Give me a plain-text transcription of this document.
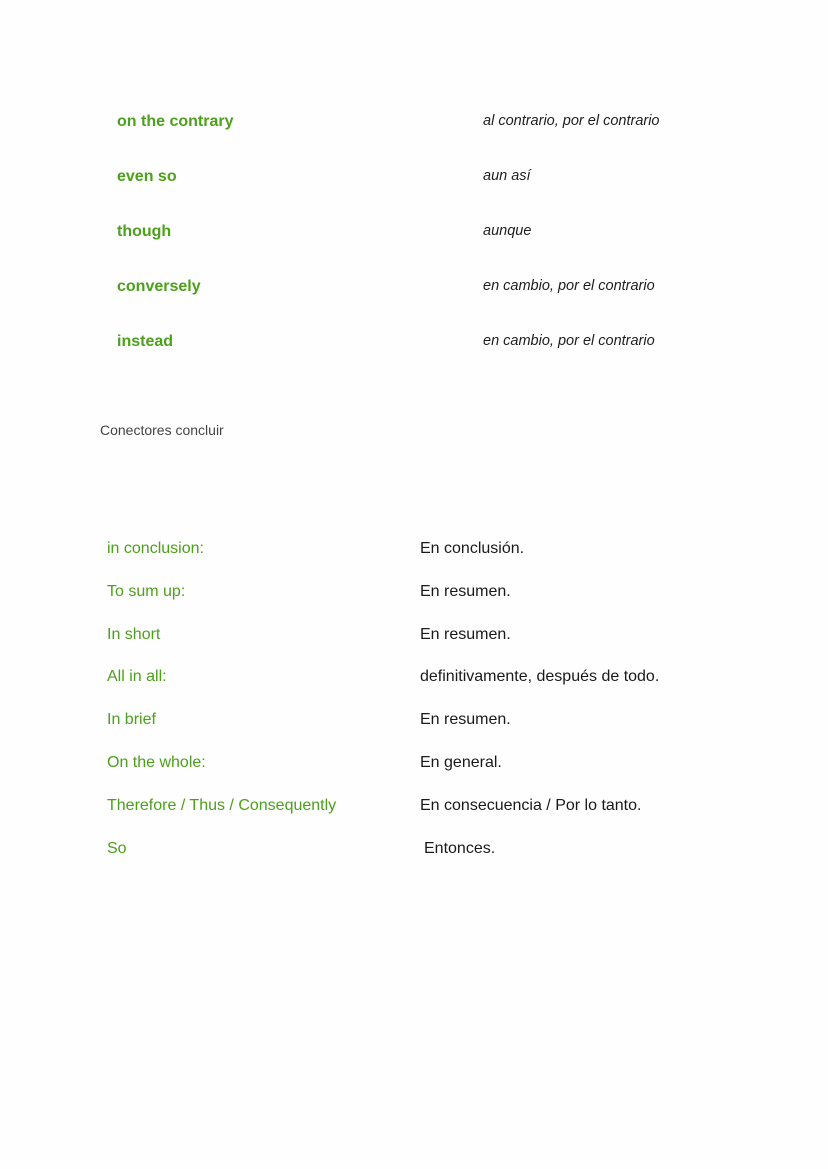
on the contrary	al contrario, por el contrario
even so	aun así
though	aunque
conversely	en cambio, por el contrario
instead	en cambio, por el contrario
Conectores concluir
in conclusion:	En conclusión.
To sum up:	En resumen.
In short	En resumen.
All in all:	definitivamente, después de todo.
In brief	En resumen.
On the whole:	En general.
Therefore / Thus / Consequently	En consecuencia / Por lo tanto.
So	Entonces.
